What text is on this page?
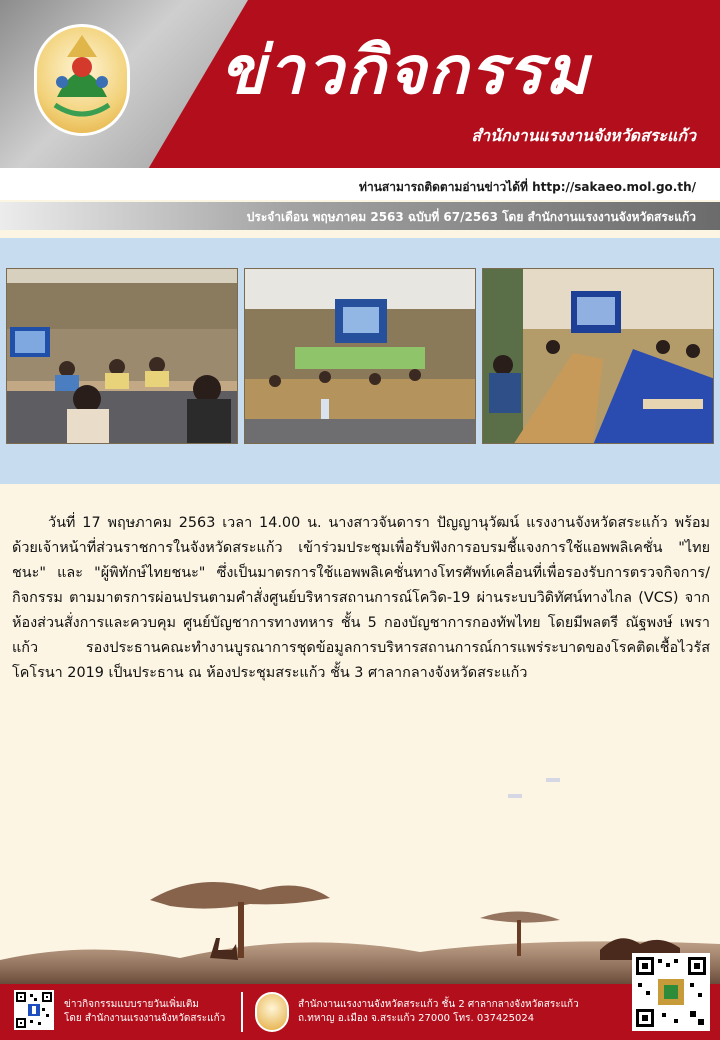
ข่าวกิจกรรม
สำนักงานแรงงานจังหวัดสระแก้ว
ท่านสามารถติดตามอ่านข่าวได้ที่ http://sakaeo.mol.go.th/
ประจำเดือน พฤษภาคม 2563 ฉบับที่ 67/2563 โดย สำนักงานแรงงานจังหวัดสระแก้ว

วันที่ 17 พฤษภาคม 2563 เวลา 14.00 น. นางสาวจันดารา ปัญญานุวัฒน์ แรงงานจังหวัดสระแก้ว พร้อมด้วยเจ้าหน้าที่ส่วนราชการในจังหวัดสระแก้ว เข้าร่วมประชุมเพื่อรับฟังการอบรมชี้แจงการใช้แอพพลิเคชั่น "ไทยชนะ" และ "ผู้พิทักษ์ไทยชนะ" ซึ่งเป็นมาตรการใช้แอพพลิเคชั่นทางโทรศัพท์เคลื่อนที่เพื่อรองรับการตรวจกิจการ/กิจกรรม ตามมาตรการผ่อนปรนตามคำสั่งศูนย์บริหารสถานการณ์โควิด-19 ผ่านระบบวิดิทัศน์ทางไกล (VCS) จากห้องส่วนสั่งการและควบคุม ศูนย์บัญชาการทางทหาร ชั้น 5 กองบัญชาการกองทัพไทย โดยมีพลตรี ณัฐพงษ์ เพราแก้ว รองประธานคณะทำงานบูรณาการชุดข้อมูลการบริหารสถานการณ์การแพร่ระบาดของโรคติดเชื้อไวรัสโคโรนา 2019 เป็นประธาน ณ ห้องประชุมสระแก้ว ชั้น 3 ศาลากลางจังหวัดสระแก้ว

ข่าวกิจกรรมแบบรายวันเพิ่มเติม
โดย สำนักงานแรงงานจังหวัดสระแก้ว
สำนักงานแรงงานจังหวัดสระแก้ว ชั้น 2 ศาลากลางจังหวัดสระแก้ว
ถ.ทหาญ อ.เมือง จ.สระแก้ว 27000 โทร. 037425024
